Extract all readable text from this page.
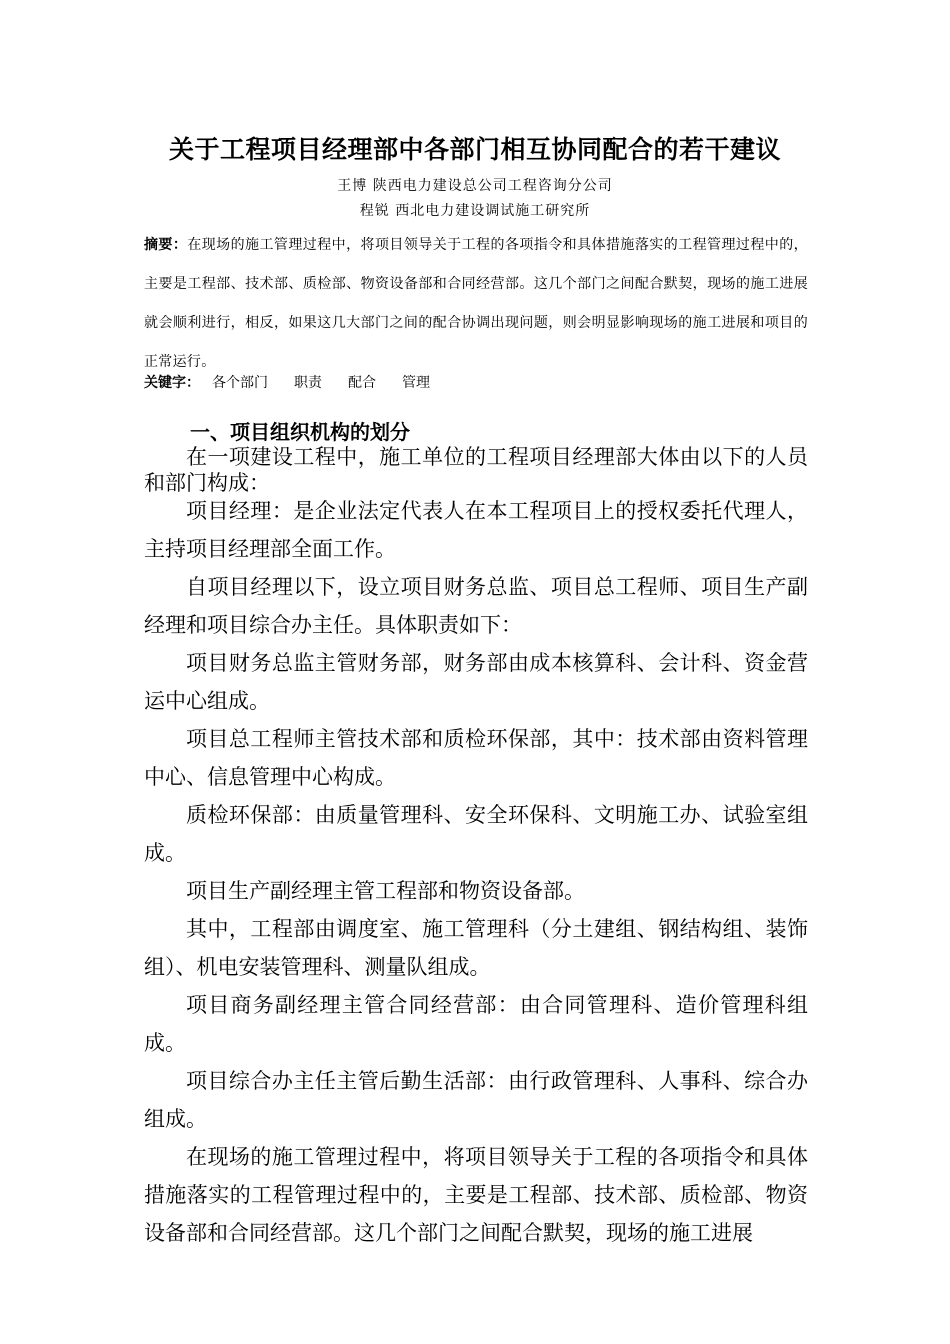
关于工程项目经理部中各部门相互协同配合的若干建议
王博 陕西电力建设总公司工程咨询分公司
程锐 西北电力建设调试施工研究所
摘要：在现场的施工管理过程中，将项目领导关于工程的各项指令和具体措施落实的工程管理过程中的，主要是工程部、技术部、质检部、物资设备部和合同经营部。这几个部门之间配合默契，现场的施工进展就会顺利进行，相反，如果这几大部门之间的配合协调出现问题，则会明显影响现场的施工进展和项目的正常运行。
关键字： 各个部门 职责 配合 管理
一、项目组织机构的划分

在一项建设工程中，施工单位的工程项目经理部大体由以下的人员和部门构成：

项目经理：是企业法定代表人在本工程项目上的授权委托代理人，主持项目经理部全面工作。

自项目经理以下，设立项目财务总监、项目总工程师、项目生产副经理和项目综合办主任。具体职责如下：

项目财务总监主管财务部，财务部由成本核算科、会计科、资金营运中心组成。

项目总工程师主管技术部和质检环保部，其中：技术部由资料管理中心、信息管理中心构成。

质检环保部：由质量管理科、安全环保科、文明施工办、试验室组成。

项目生产副经理主管工程部和物资设备部。

其中，工程部由调度室、施工管理科（分土建组、钢结构组、装饰组）、机电安装管理科、测量队组成。

项目商务副经理主管合同经营部：由合同管理科、造价管理科组成。

项目综合办主任主管后勤生活部：由行政管理科、人事科、综合办组成。

在现场的施工管理过程中，将项目领导关于工程的各项指令和具体措施落实的工程管理过程中的，主要是工程部、技术部、质检部、物资设备部和合同经营部。这几个部门之间配合默契，现场的施工进展
